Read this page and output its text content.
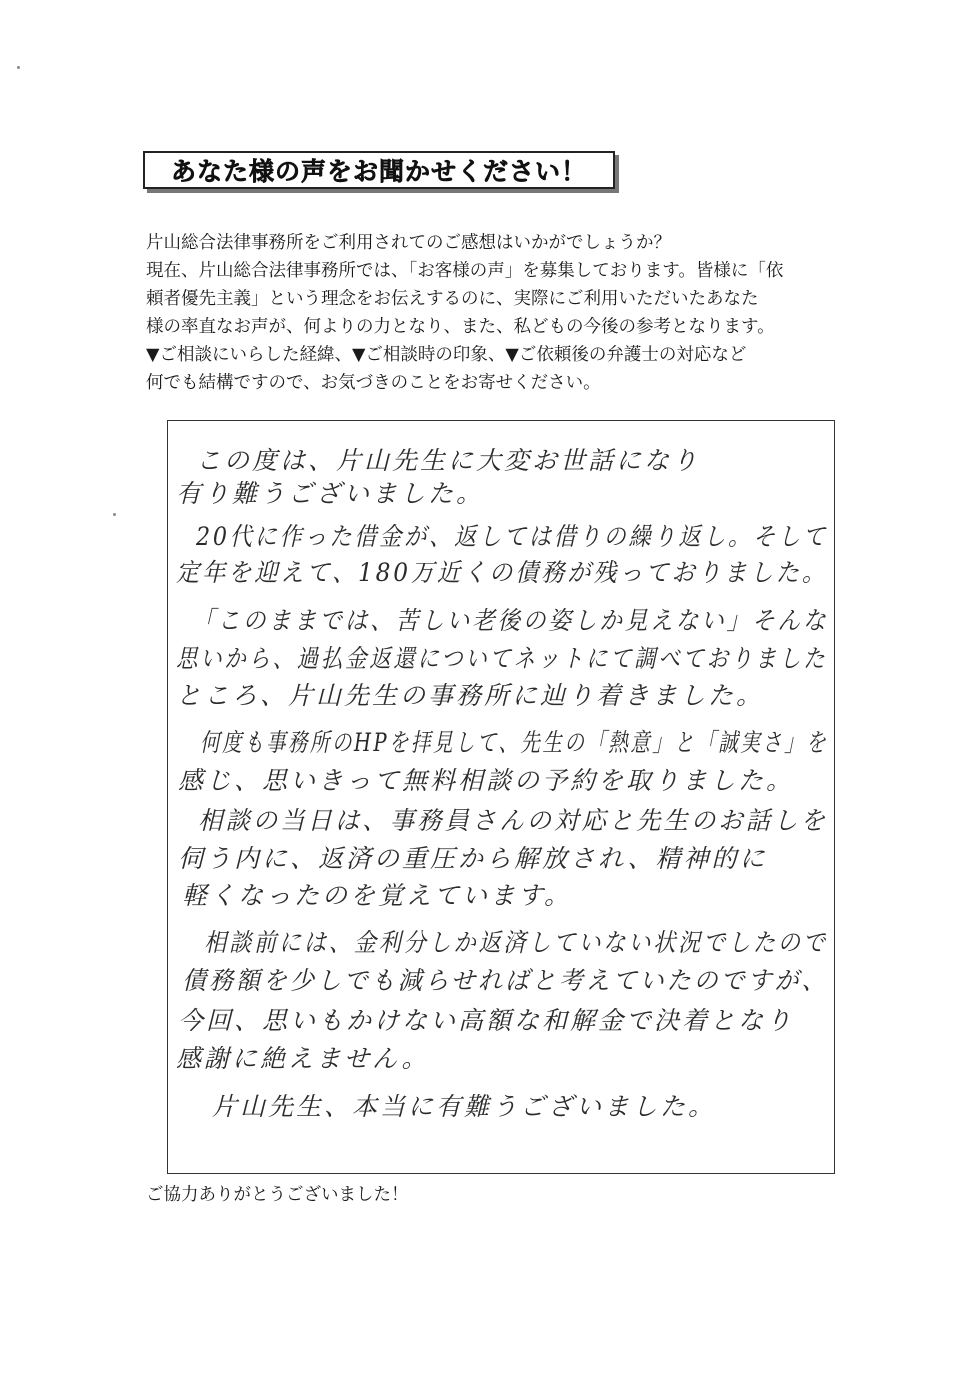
あなた様の声をお聞かせください！
片山総合法律事務所をご利用されてのご感想はいかがでしょうか？
現在、片山総合法律事務所では、「お客様の声」を募集しております。皆様に「依
頼者優先主義」という理念をお伝えするのに、実際にご利用いただいたあなた
様の率直なお声が、何よりの力となり、また、私どもの今後の参考となります。
▼ご相談にいらした経緯、▼ご相談時の印象、▼ご依頼後の弁護士の対応など
何でも結構ですので、お気づきのことをお寄せください。
この度は、片山先生に大変お世話になり
有り難うございました。
20代に作った借金が、返しては借りの繰り返し。そして
定年を迎えて、180万近くの債務が残っておりました。
「このままでは、苦しい老後の姿しか見えない」そんな
思いから、過払金返還についてネットにて調べておりました
ところ、片山先生の事務所に辿り着きました。
何度も事務所のHPを拝見して、先生の「熱意」と「誠実さ」を
感じ、思いきって無料相談の予約を取りました。
相談の当日は、事務員さんの対応と先生のお話しを
伺う内に、返済の重圧から解放され、精神的に
軽くなったのを覚えています。
相談前には、金利分しか返済していない状況でしたので
債務額を少しでも減らせればと考えていたのですが、
今回、思いもかけない高額な和解金で決着となり
感謝に絶えません。
片山先生、本当に有難うございました。
ご協力ありがとうございました！
